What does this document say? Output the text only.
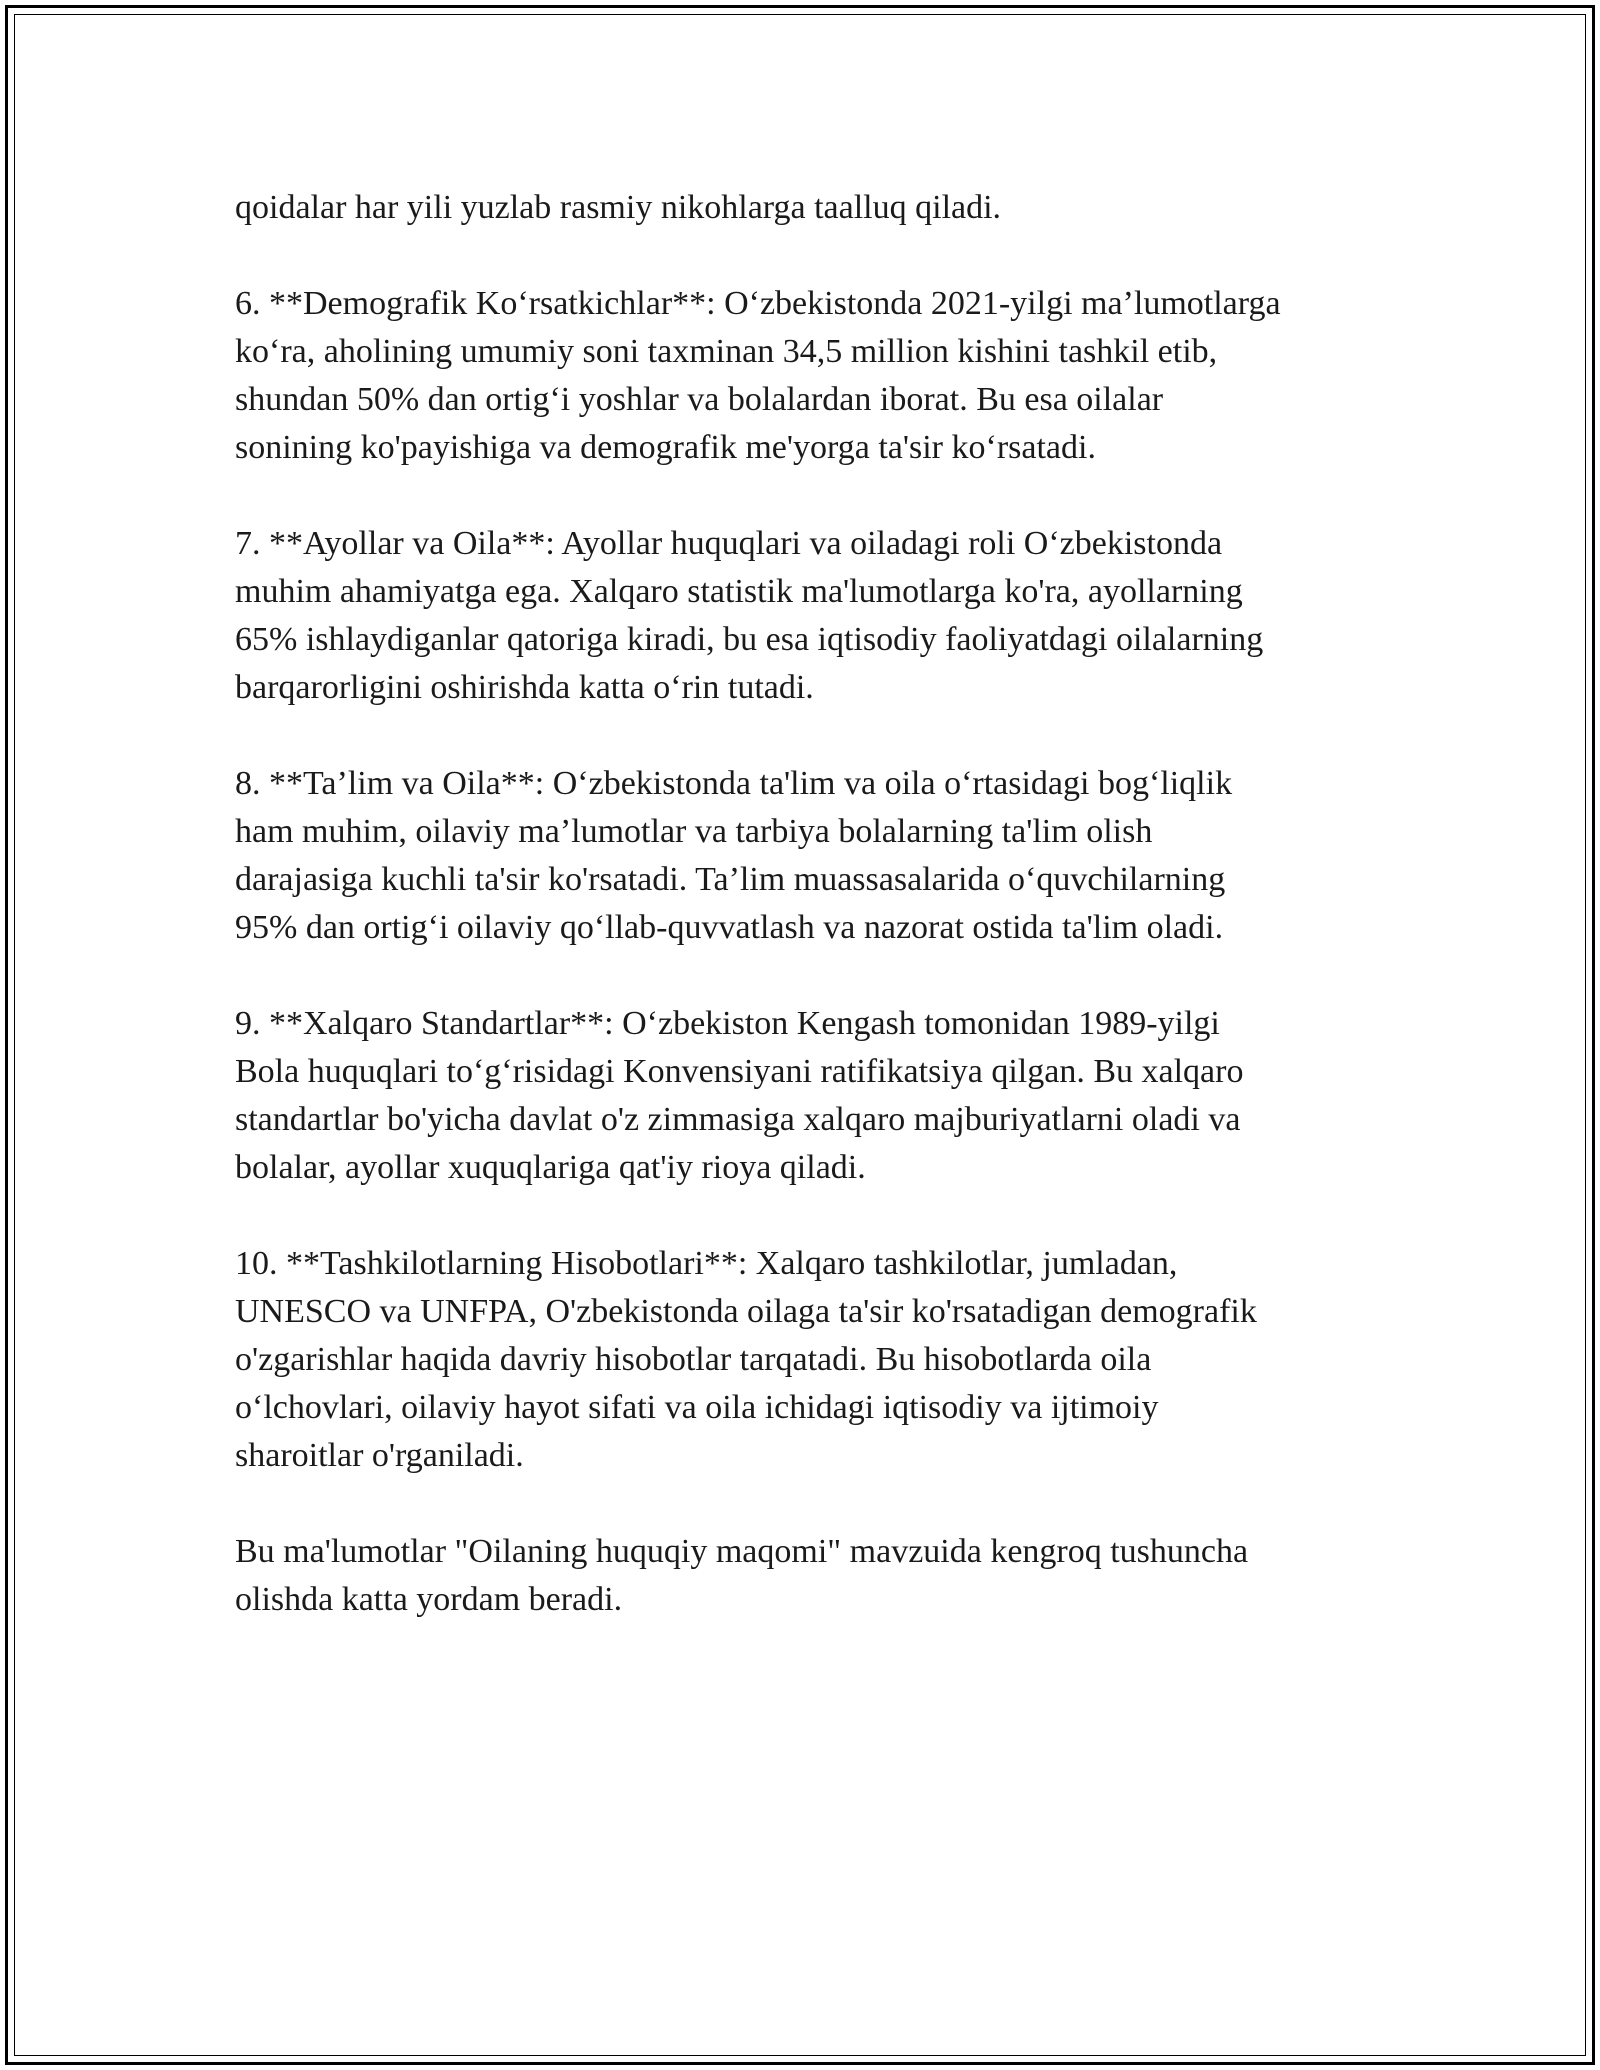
qoidalar har yili yuzlab rasmiy nikohlarga taalluq qiladi.

6. **Demografik Ko‘rsatkichlar**: O‘zbekistonda 2021-yilgi ma’lumotlarga
ko‘ra, aholining umumiy soni taxminan 34,5 million kishini tashkil etib,
shundan 50% dan ortig‘i yoshlar va bolalardan iborat. Bu esa oilalar
sonining ko'payishiga va demografik me'yorga ta'sir ko‘rsatadi.

7. **Ayollar va Oila**: Ayollar huquqlari va oiladagi roli O‘zbekistonda
muhim ahamiyatga ega. Xalqaro statistik ma'lumotlarga ko'ra, ayollarning
65% ishlaydiganlar qatoriga kiradi, bu esa iqtisodiy faoliyatdagi oilalarning
barqarorligini oshirishda katta o‘rin tutadi.

8. **Ta’lim va Oila**: O‘zbekistonda ta'lim va oila o‘rtasidagi bog‘liqlik
ham muhim, oilaviy ma’lumotlar va tarbiya bolalarning ta'lim olish
darajasiga kuchli ta'sir ko'rsatadi. Ta’lim muassasalarida o‘quvchilarning
95% dan ortig‘i oilaviy qo‘llab-quvvatlash va nazorat ostida ta'lim oladi.

9. **Xalqaro Standartlar**: O‘zbekiston Kengash tomonidan 1989-yilgi
Bola huquqlari to‘g‘risidagi Konvensiyani ratifikatsiya qilgan. Bu xalqaro
standartlar bo'yicha davlat o'z zimmasiga xalqaro majburiyatlarni oladi va
bolalar, ayollar xuquqlariga qat'iy rioya qiladi.

10. **Tashkilotlarning Hisobotlari**: Xalqaro tashkilotlar, jumladan,
UNESCO va UNFPA, O'zbekistonda oilaga ta'sir ko'rsatadigan demografik
o'zgarishlar haqida davriy hisobotlar tarqatadi. Bu hisobotlarda oila
o‘lchovlari, oilaviy hayot sifati va oila ichidagi iqtisodiy va ijtimoiy
sharoitlar o'rganiladi.

Bu ma'lumotlar "Oilaning huquqiy maqomi" mavzuida kengroq tushuncha
olishda katta yordam beradi.
